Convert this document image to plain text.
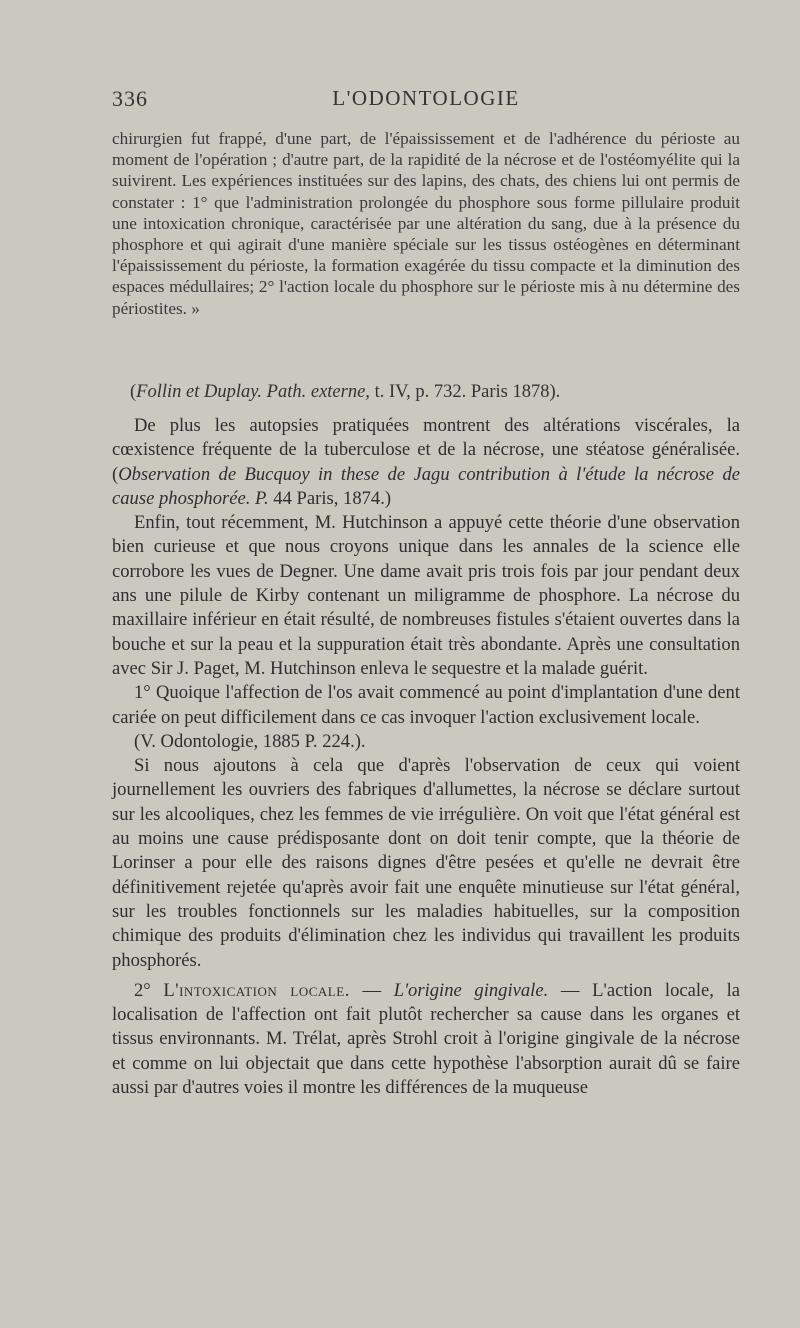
336	L'ODONTOLOGIE
chirurgien fut frappé, d'une part, de l'épaississement et de l'adhérence du périoste au moment de l'opération ; d'autre part, de la rapidité de la nécrose et de l'ostéomyélite qui la suivirent. Les expériences instituées sur des lapins, des chats, des chiens lui ont permis de constater : 1° que l'administration prolongée du phosphore sous forme pillulaire produit une intoxication chronique, caractérisée par une altération du sang, due à la présence du phosphore et qui agirait d'une manière spéciale sur les tissus ostéogènes en déterminant l'épaississement du périoste, la formation exagérée du tissu compacte et la diminution des espaces médullaires; 2° l'action locale du phosphore sur le périoste mis à nu détermine des périostites. »
(Follin et Duplay. Path. externe, t. IV, p. 732. Paris 1878).

De plus les autopsies pratiquées montrent des altérations viscérales, la cœxistence fréquente de la tuberculose et de la nécrose, une stéatose généralisée. (Observation de Bucquoy in these de Jagu contribution à l'étude la nécrose de cause phosphorée. P. 44 Paris, 1874.)

Enfin, tout récemment, M. Hutchinson a appuyé cette théorie d'une observation bien curieuse et que nous croyons unique dans les annales de la science elle corrobore les vues de Degner. Une dame avait pris trois fois par jour pendant deux ans une pilule de Kirby contenant un miligramme de phosphore. La nécrose du maxillaire inférieur en était résulté, de nombreuses fistules s'étaient ouvertes dans la bouche et sur la peau et la suppuration était très abondante. Après une consultation avec Sir J. Paget, M. Hutchinson enleva le sequestre et la malade guérit.

1° Quoique l'affection de l'os avait commencé au point d'implantation d'une dent cariée on peut difficilement dans ce cas invoquer l'action exclusivement locale.

(V. Odontologie, 1885 P. 224.).

Si nous ajoutons à cela que d'après l'observation de ceux qui voient journellement les ouvriers des fabriques d'allumettes, la nécrose se déclare surtout sur les alcooliques, chez les femmes de vie irrégulière. On voit que l'état général est au moins une cause prédisposante dont on doit tenir compte, que la théorie de Lorinser a pour elle des raisons dignes d'être pesées et qu'elle ne devrait être définitivement rejetée qu'après avoir fait une enquête minutieuse sur l'état général, sur les troubles fonctionnels sur les maladies habituelles, sur la composition chimique des produits d'élimination chez les individus qui travaillent les produits phosphorés.

2° L'intoxication locale. — L'origine gingivale. — L'action locale, la localisation de l'affection ont fait plutôt rechercher sa cause dans les organes et tissus environnants. M. Trélat, après Strohl croit à l'origine gingivale de la nécrose et comme on lui objectait que dans cette hypothèse l'absorption aurait dû se faire aussi par d'autres voies il montre les différences de la muqueuse
